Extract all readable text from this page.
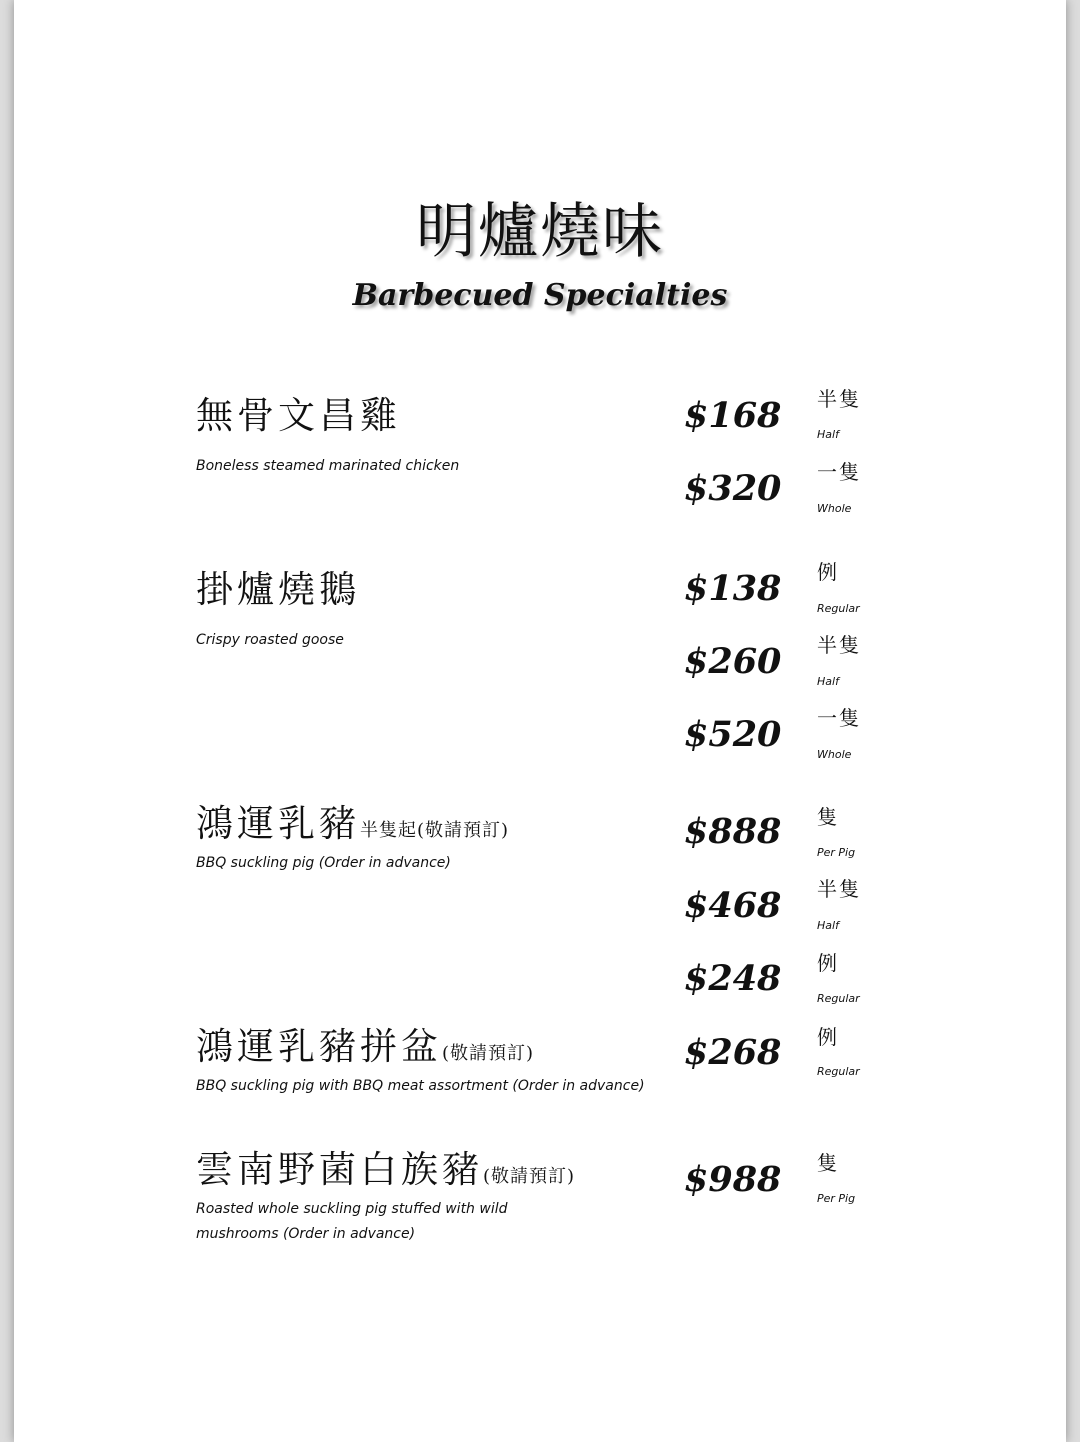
明爐燒味
Barbecued Specialties
無骨文昌雞
Boneless steamed marinated chicken
$168 半隻
Half
$320 一隻
Whole
掛爐燒鵝
Crispy roasted goose
$138 例
Regular
$260 半隻
Half
$520 一隻
Whole
鴻運乳豬半隻起(敬請預訂)
BBQ suckling pig (Order in advance)
$888 隻
Per Pig
$468 半隻
Half
$248 例
Regular
鴻運乳豬拼盆(敬請預訂)
BBQ suckling pig with BBQ meat assortment (Order in advance)
$268 例
Regular
雲南野菌白族豬(敬請預訂)
Roasted whole suckling pig stuffed with wild mushrooms (Order in advance)
$988 隻
Per Pig
